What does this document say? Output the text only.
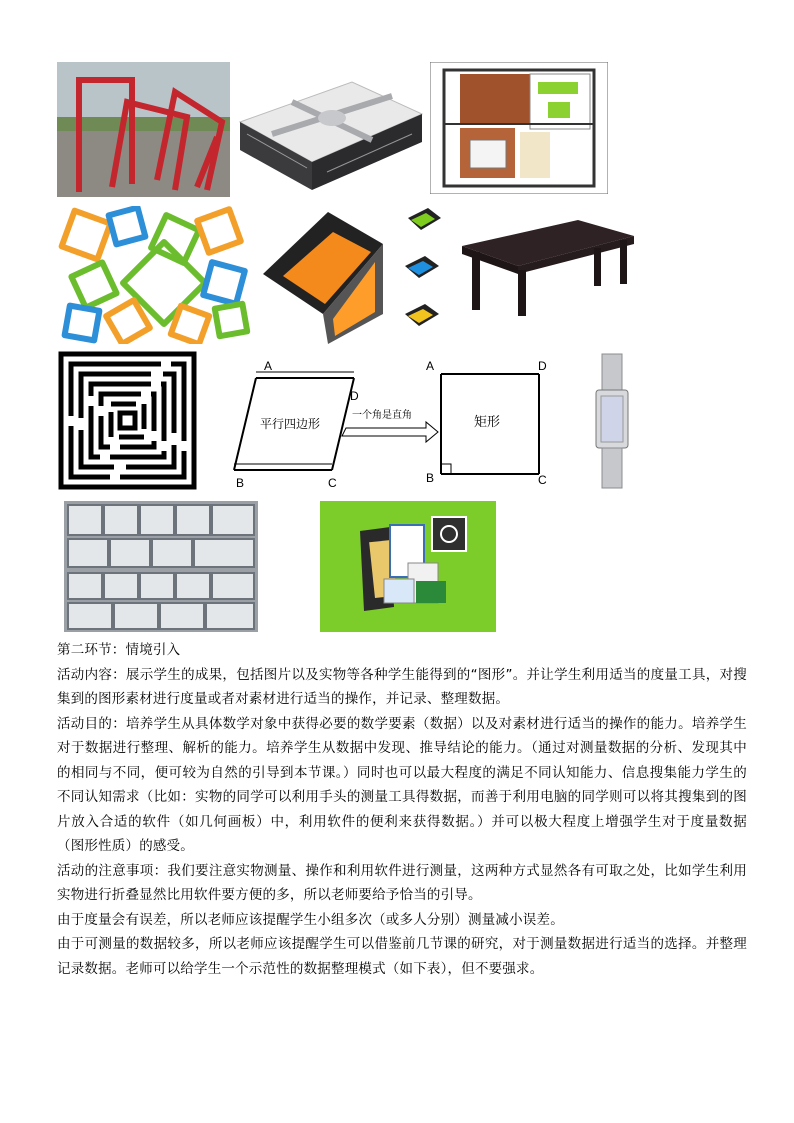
A
D
B	C
平行四边形
一个角是直角
A	D
B	C
矩形

第二环节：情境引入

活动内容：展示学生的成果，包括图片以及实物等各种学生能得到的“图形”。并让学生利用适当的度量工具，对搜集到的图形素材进行度量或者对素材进行适当的操作，并记录、整理数据。

活动目的：培养学生从具体数学对象中获得必要的数学要素（数据）以及对素材进行适当的操作的能力。培养学生对于数据进行整理、解析的能力。培养学生从数据中发现、推导结论的能力。（通过对测量数据的分析、发现其中的相同与不同，便可较为自然的引导到本节课。）同时也可以最大程度的满足不同认知能力、信息搜集能力学生的不同认知需求（比如：实物的同学可以利用手头的测量工具得数据，而善于利用电脑的同学则可以将其搜集到的图片放入合适的软件（如几何画板）中，利用软件的便利来获得数据。）并可以极大程度上增强学生对于度量数据（图形性质）的感受。

活动的注意事项：我们要注意实物测量、操作和利用软件进行测量，这两种方式显然各有可取之处，比如学生利用实物进行折叠显然比用软件要方便的多，所以老师要给予恰当的引导。

由于度量会有误差，所以老师应该提醒学生小组多次（或多人分别）测量减小误差。

由于可测量的数据较多，所以老师应该提醒学生可以借鉴前几节课的研究，对于测量数据进行适当的选择。并整理记录数据。老师可以给学生一个示范性的数据整理模式（如下表），但不要强求。
